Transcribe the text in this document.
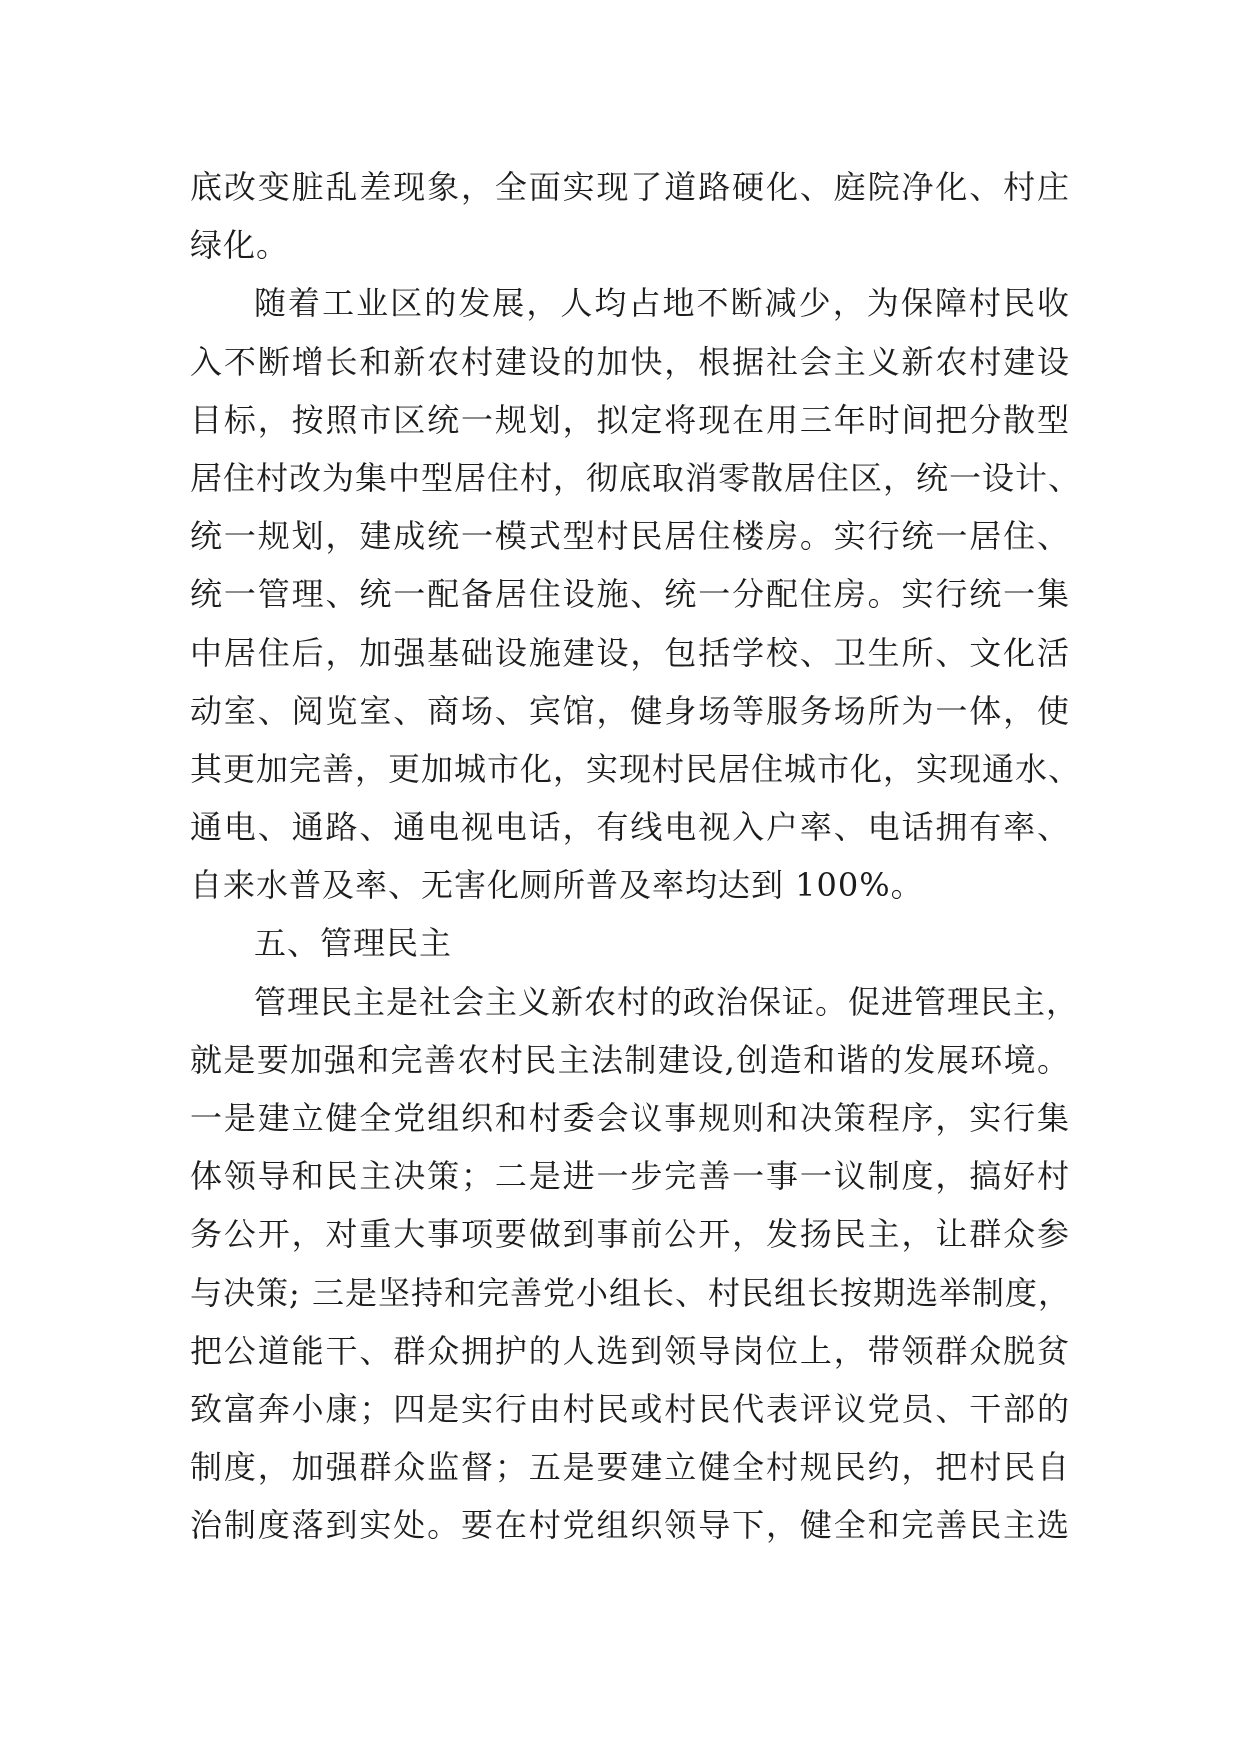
底改变脏乱差现象，全面实现了道路硬化、庭院净化、村庄
绿化。
随着工业区的发展，人均占地不断减少，为保障村民收
入不断增长和新农村建设的加快，根据社会主义新农村建设
目标，按照市区统一规划，拟定将现在用三年时间把分散型
居住村改为集中型居住村，彻底取消零散居住区，统一设计、
统一规划，建成统一模式型村民居住楼房。实行统一居住、
统一管理、统一配备居住设施、统一分配住房。实行统一集
中居住后，加强基础设施建设，包括学校、卫生所、文化活
动室、阅览室、商场、宾馆，健身场等服务场所为一体，使
其更加完善，更加城市化，实现村民居住城市化，实现通水、
通电、通路、通电视电话，有线电视入户率、电话拥有率、
自来水普及率、无害化厕所普及率均达到 100%。
五、管理民主
管理民主是社会主义新农村的政治保证。促进管理民主，
就是要加强和完善农村民主法制建设,创造和谐的发展环境。
一是建立健全党组织和村委会议事规则和决策程序，实行集
体领导和民主决策；二是进一步完善一事一议制度，搞好村
务公开，对重大事项要做到事前公开，发扬民主，让群众参
与决策; 三是坚持和完善党小组长、村民组长按期选举制度，
把公道能干、群众拥护的人选到领导岗位上，带领群众脱贫
致富奔小康；四是实行由村民或村民代表评议党员、干部的
制度，加强群众监督；五是要建立健全村规民约，把村民自
治制度落到实处。要在村党组织领导下，健全和完善民主选
